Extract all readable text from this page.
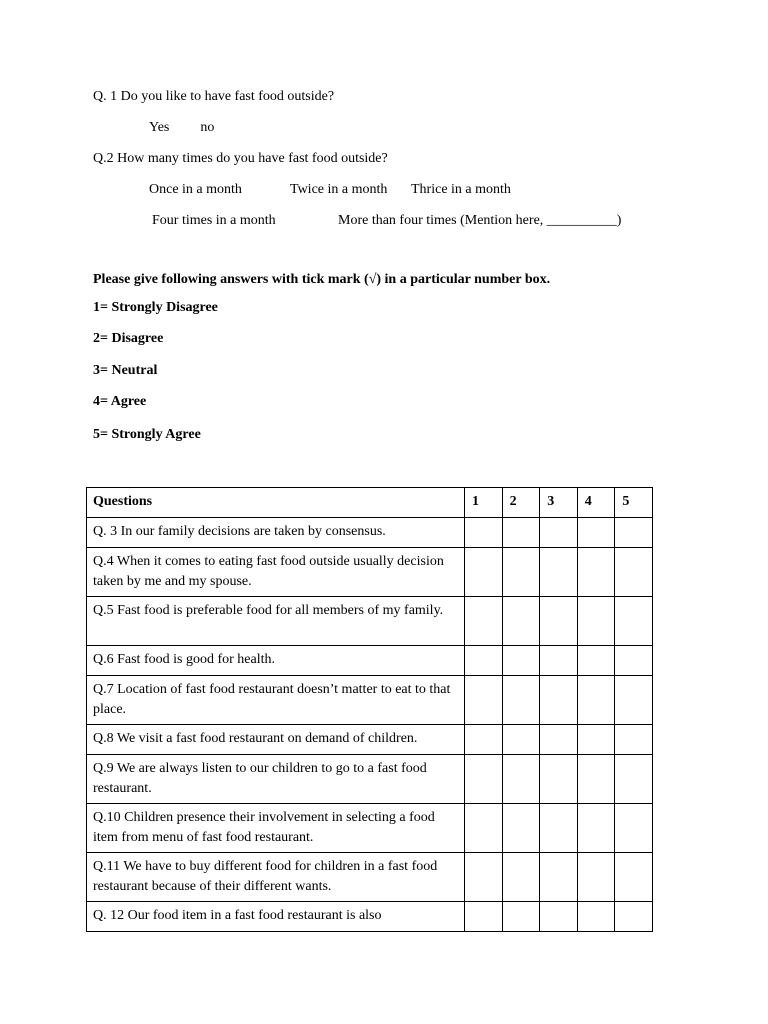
Q. 1 Do you like to have fast food outside?
Yes no
Q.2 How many times do you have fast food outside?
Once in a month	Twice in a month	Thrice in a month
Four times in a month	More than four times (Mention here, __________)
Please give following answers with tick mark (√) in a particular number box.
1= Strongly Disagree
2= Disagree
3= Neutral
4= Agree
5= Strongly Agree
Questions	1	2	3	4	5

Q. 3 In our family decisions are taken by consensus.					

Q.4 When it comes to eating fast food outside usually decision taken by me and my spouse.					

Q.5 Fast food is preferable food for all members of my family.					

Q.6 Fast food is good for health.					

Q.7 Location of fast food restaurant doesn’t matter to eat to that place.					

Q.8 We visit a fast food restaurant on demand of children.					

Q.9 We are always listen to our children to go to a fast food restaurant.					

Q.10 Children presence their involvement in selecting a food item from menu of fast food restaurant.					

Q.11 We have to buy different food for children in a fast food restaurant because of their different wants.					

Q. 12 Our food item in a fast food restaurant is also					
